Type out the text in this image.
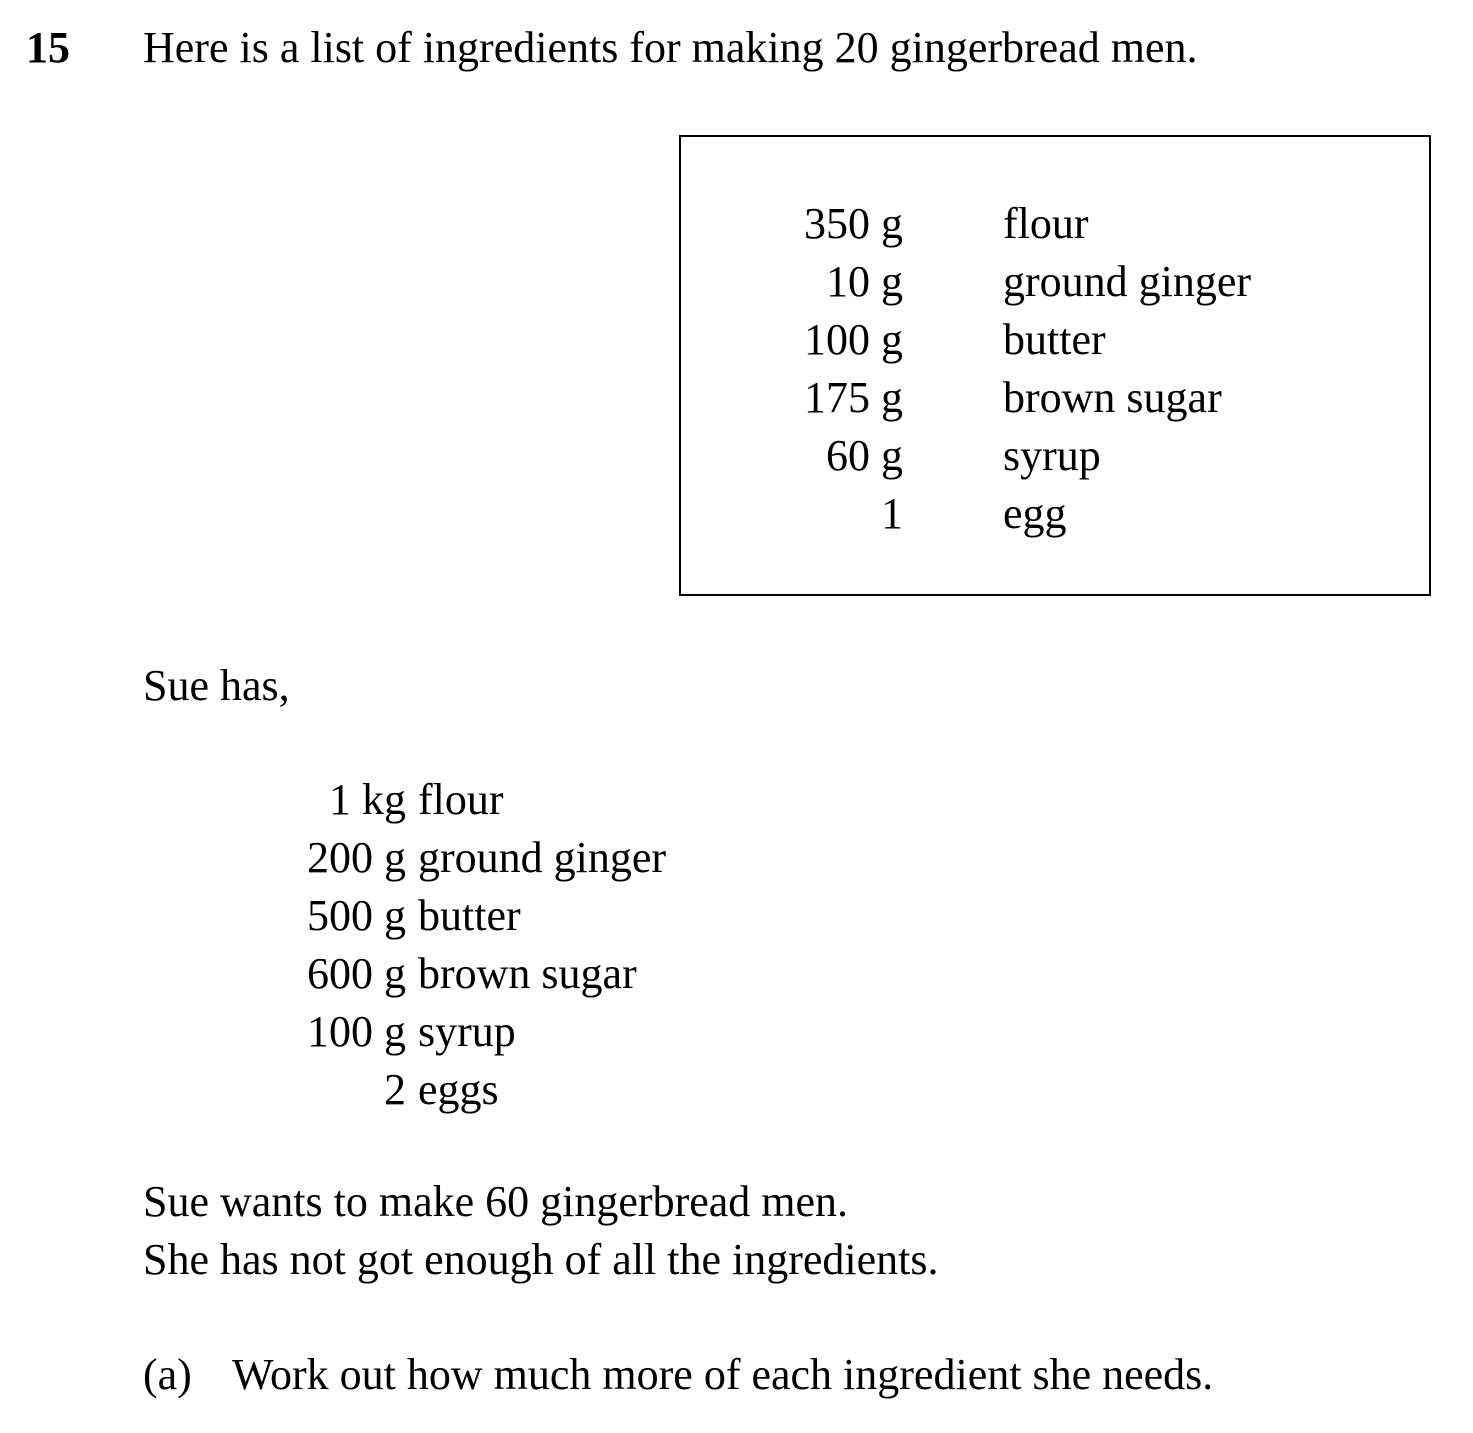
15 Here is a list of ingredients for making 20 gingerbread men.
350 g flour
10 g ground ginger
100 g butter
175 g brown sugar
60 g syrup
1 egg
Sue has,
1 kg flour
200 g ground ginger
500 g butter
600 g brown sugar
100 g syrup
2 eggs
Sue wants to make 60 gingerbread men.
She has not got enough of all the ingredients.
(a) Work out how much more of each ingredient she needs.
